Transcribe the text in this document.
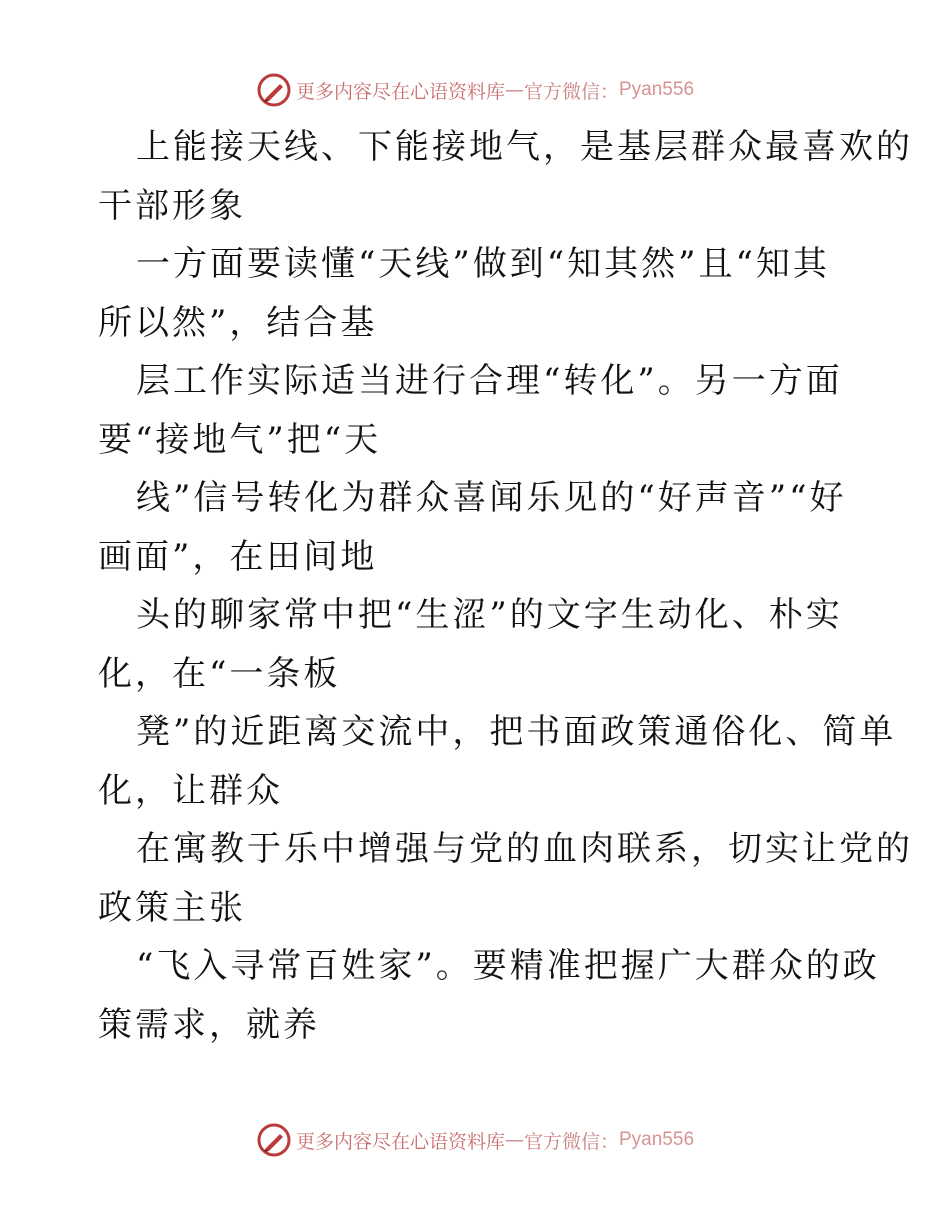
更多内容尽在心语资料库 — 官方微信： Pyan556
上能接天线、下能接地气，是基层群众最喜欢的
干部形象
一方面要读懂“天线”做到“知其然”且“知其
所以然”，结合基
层工作实际适当进行合理“转化”。另一方面
要“接地气”把“天
线”信号转化为群众喜闻乐见的“好声音”“好
画面”，在田间地
头的聊家常中把“生涩”的文字生动化、朴实
化，在“一条板
凳”的近距离交流中，把书面政策通俗化、简单
化，让群众
在寓教于乐中增强与党的血肉联系，切实让党的
政策主张
“飞入寻常百姓家”。要精准把握广大群众的政
策需求，就养
更多内容尽在心语资料库 — 官方微信： Pyan556
